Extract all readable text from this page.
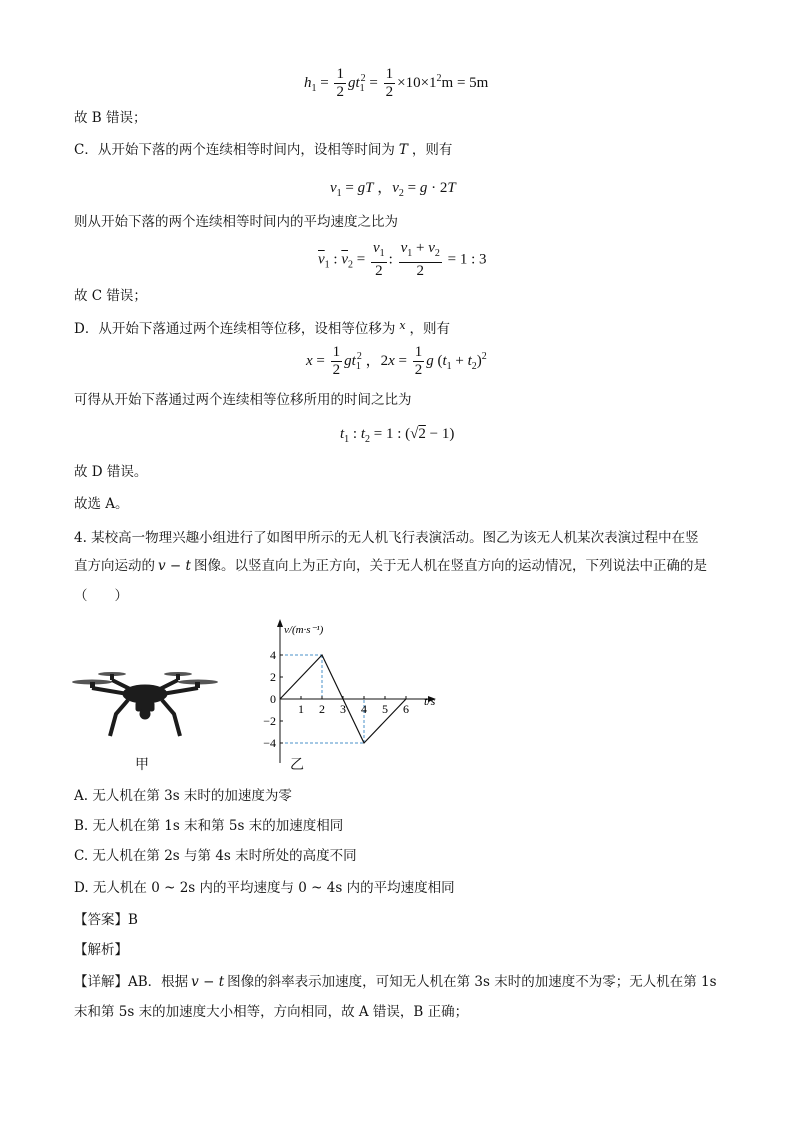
$h_1 = \frac{1}{2} gt_1^2 = \frac{1}{2} \times 10\times 1^2m = 5m$
故 B 错误；
C．从开始下落的两个连续相等时间内，设相等时间为 T ，则有
$v_1$ = gT ，$v_2 = g \cdot 2T$
则从开始下落的两个连续相等时间内的平均速度之比为
$\overline{v}_1$ : $\overline{v}_2 = \frac{v_1}{2}$ : $\frac{v_1 + v_2}{2} = 1$ : 3
故 C 错误；
D．从开始下落通过两个连续相等位移，设相等位移为 $^x$ ，则有
$x = \frac{1}{2} gt_1^2$ ，$2x = \frac{1}{2}$ g $(t_1 + t_2)^2$
可得从开始下落通过两个连续相等位移所用的时间之比为
$t_1$ : $t_2 = 1$ : (√2 − 1)
故 D 错误。
故选 A。
4. 某校高一物理兴趣小组进行了如图甲所示的无人机飞行表演活动。图乙为该无人机某次表演过程中在竖
直方向运动的 v − t 图像。以竖直向上为正方向，关于无人机在竖直方向的运动情况，下列说法中正确的是
（　　）
甲
1 2 3 4 5 6
4
2
0
−2
−4
v/(m·s⁻¹)
t/s
乙
A. 无人机在第 3s 末时的加速度为零
B. 无人机在第 1s 末和第 5s 末的加速度相同
C. 无人机在第 2s 与第 4s 末时所处的高度不同
D. 无人机在 0 ~ 2s 内的平均速度与 0 ~ 4s 内的平均速度相同
【答案】B
【解析】
【详解】AB．根据 v − t 图像的斜率表示加速度，可知无人机在第 3s 末时的加速度不为零；无人机在第 1s
末和第 5s 末的加速度大小相等，方向相同，故 A 错误，B 正确；
